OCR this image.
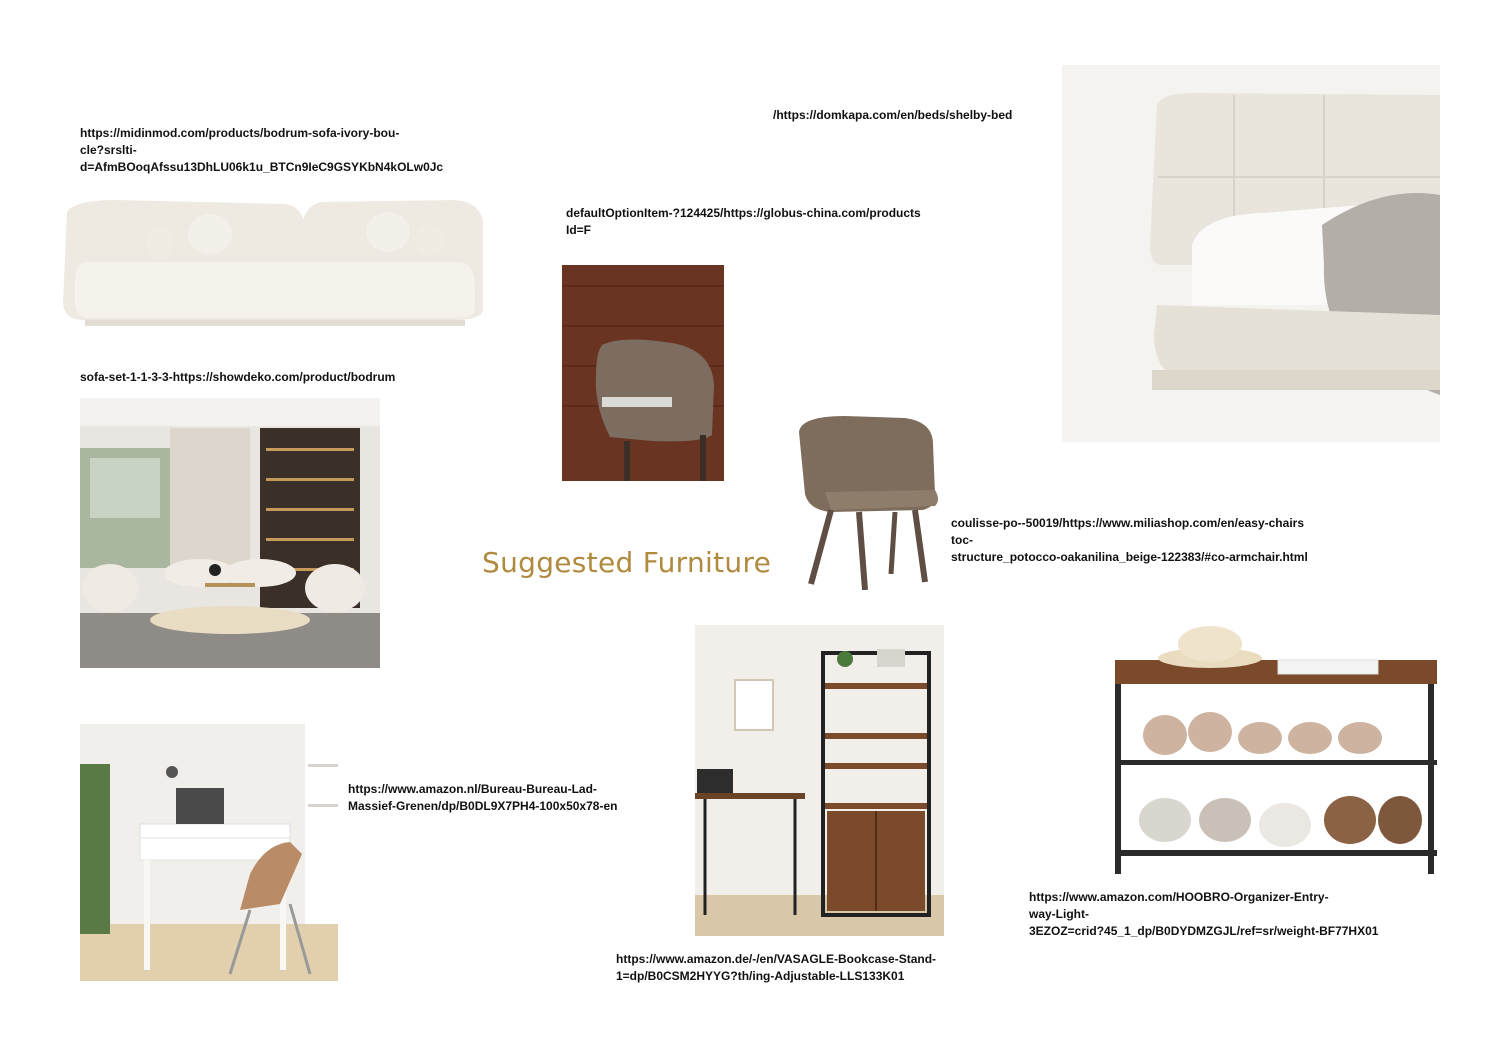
https://midinmod.com/products/bodrum-sofa-ivory-bou-
cle?srslti-
d=AfmBOoqAfssu13DhLU06k1u_BTCn9IeC9GSYKbN4kOLw0Jc
sofa-set-1-1-3-3-https://showdeko.com/product/bodrum
/https://domkapa.com/en/beds/shelby-bed
defaultOptionItem-?124425/https://globus-china.com/products
Id=F
coulisse-po--50019/https://www.miliashop.com/en/easy-chairs
toc-
structure_potocco-oakanilina_beige-122383/#co-armchair.html
https://www.amazon.nl/Bureau-Bureau-Lad-
Massief-Grenen/dp/B0DL9X7PH4-100x50x78-en
https://www.amazon.de/-/en/VASAGLE-Bookcase-Stand-
1=dp/B0CSM2HYYG?th/ing-Adjustable-LLS133K01
https://www.amazon.com/HOOBRO-Organizer-Entry-
way-Light-
3EZOZ=crid?45_1_dp/B0DYDMZGJL/ref=sr/weight-BF77HX01
Suggested Furniture
